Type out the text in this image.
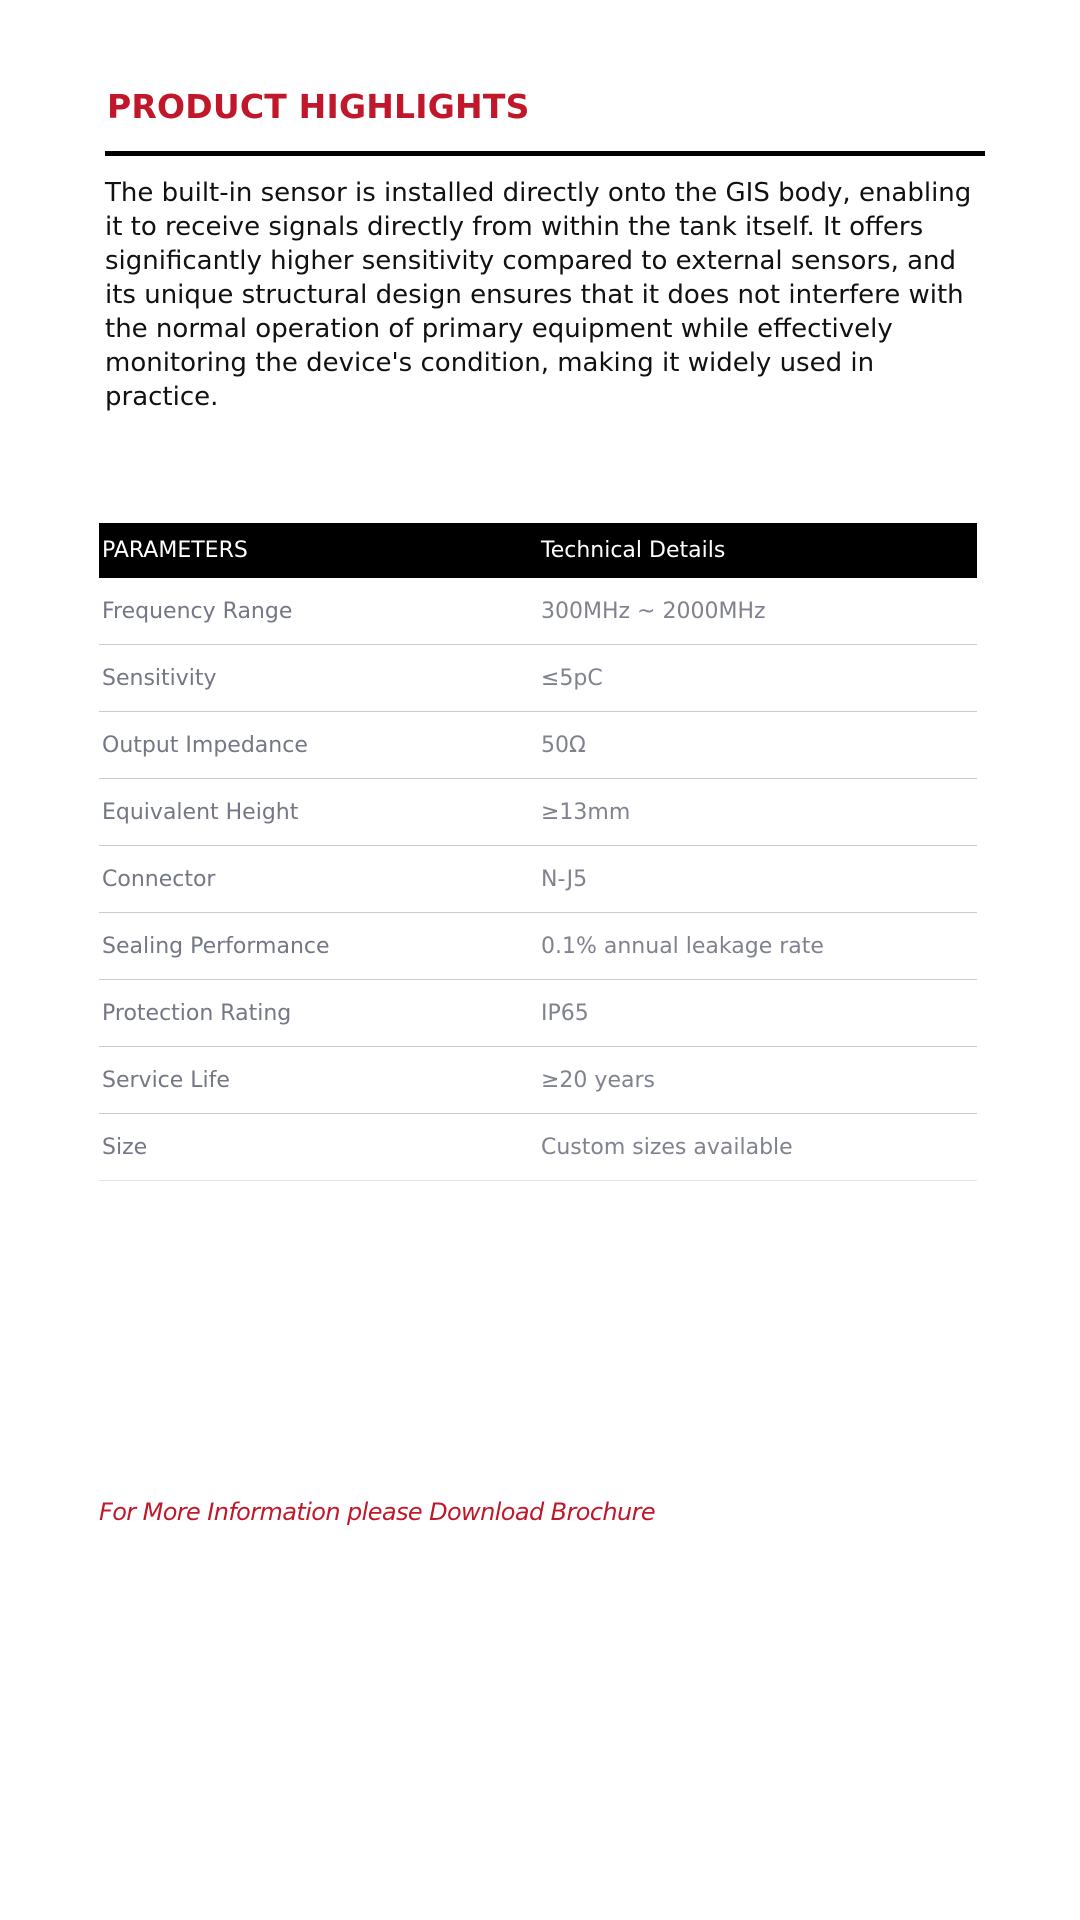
PRODUCT HIGHLIGHTS

The built-in sensor is installed directly onto the GIS body, enabling it to receive signals directly from within the tank itself. It offers significantly higher sensitivity compared to external sensors, and its unique structural design ensures that it does not interfere with the normal operation of primary equipment while effectively monitoring the device's condition, making it widely used in practice.

PARAMETERS	Technical Details
Frequency Range	300MHz ~ 2000MHz
Sensitivity	≤5pC
Output Impedance	50Ω
Equivalent Height	≥13mm
Connector	N-J5
Sealing Performance	0.1% annual leakage rate
Protection Rating	IP65
Service Life	≥20 years
Size	Custom sizes available
For More Information please Download Brochure
